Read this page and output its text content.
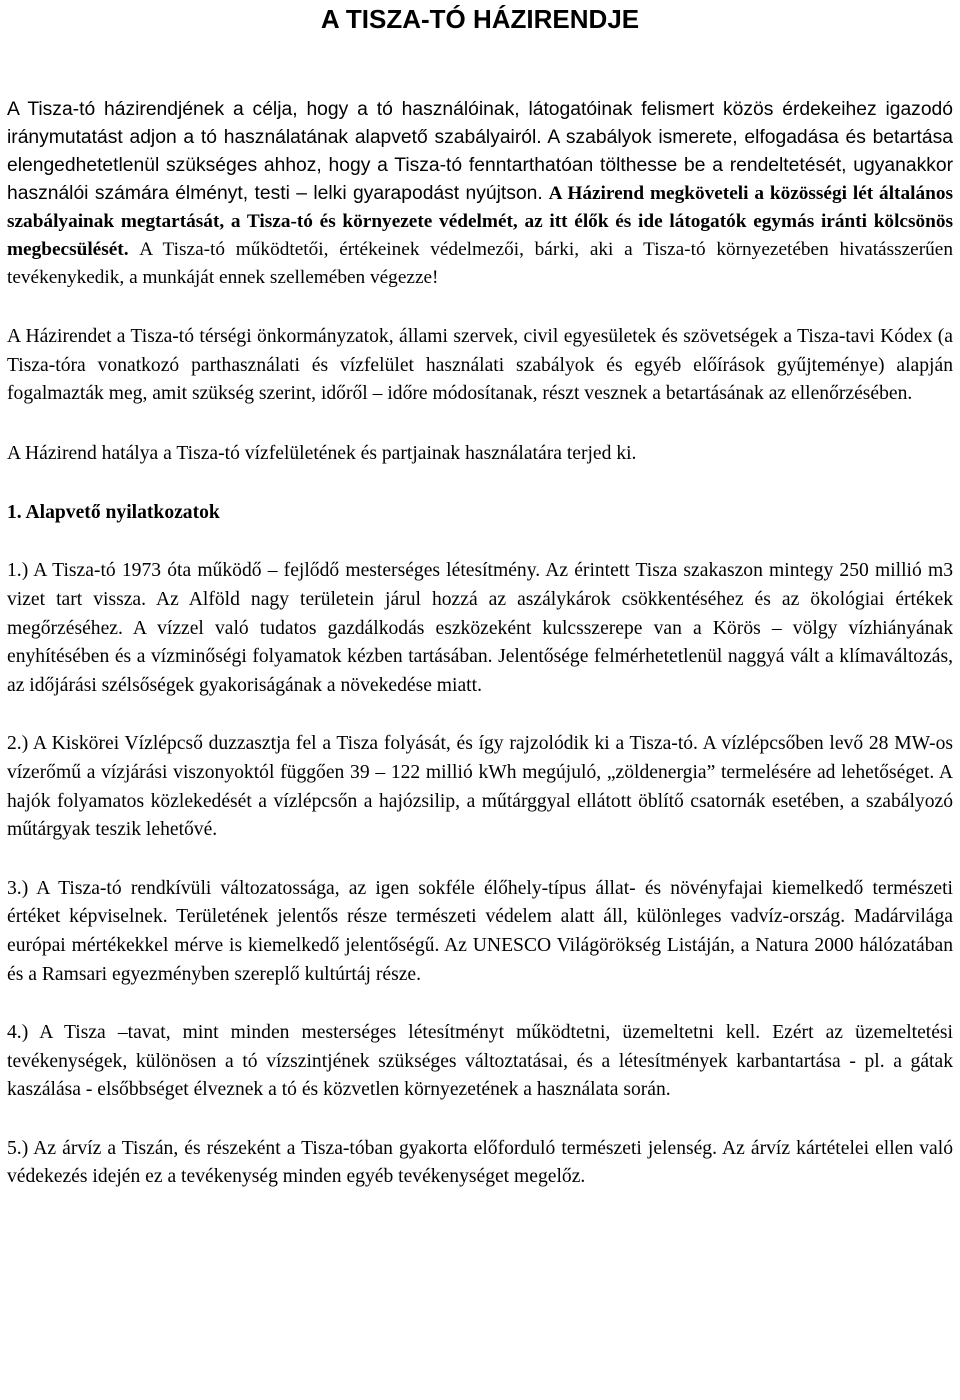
A TISZA-TÓ HÁZIRENDJE

A Tisza-tó házirendjének a célja, hogy a tó használóinak, látogatóinak felismert közös érdekeihez igazodó iránymutatást adjon a tó használatának alapvető szabályairól. A szabályok ismerete, elfogadása és betartása elengedhetetlenül szükséges ahhoz, hogy a Tisza-tó fenntarthatóan tölthesse be a rendeltetését, ugyanakkor használói számára élményt, testi – lelki gyarapodást nyújtson. A Házirend megköveteli a közösségi lét általános szabályainak megtartását, a Tisza-tó és környezete védelmét, az itt élők és ide látogatók egymás iránti kölcsönös megbecsülését. A Tisza-tó működtetői, értékeinek védelmezői, bárki, aki a Tisza-tó környezetében hivatásszerűen tevékenykedik, a munkáját ennek szellemében végezze!

A Házirendet a Tisza-tó térségi önkormányzatok, állami szervek, civil egyesületek és szövetségek a Tisza-tavi Kódex (a Tisza-tóra vonatkozó parthasználati és vízfelület használati szabályok és egyéb előírások gyűjteménye) alapján fogalmazták meg, amit szükség szerint, időről – időre módosítanak, részt vesznek a betartásának az ellenőrzésében.

A Házirend hatálya a Tisza-tó vízfelületének és partjainak használatára terjed ki.

1. Alapvető nyilatkozatok

1.) A Tisza-tó 1973 óta működő – fejlődő mesterséges létesítmény. Az érintett Tisza szakaszon mintegy 250 millió m3 vizet tart vissza. Az Alföld nagy területein járul hozzá az aszálykárok csökkentéséhez és az ökológiai értékek megőrzéséhez. A vízzel való tudatos gazdálkodás eszközeként kulcsszerepe van a Körös – völgy vízhiányának enyhítésében és a vízminőségi folyamatok kézben tartásában. Jelentősége felmérhetetlenül naggyá vált a klímaváltozás, az időjárási szélsőségek gyakoriságának a növekedése miatt.

2.) A Kiskörei Vízlépcső duzzasztja fel a Tisza folyását, és így rajzolódik ki a Tisza-tó. A vízlépcsőben levő 28 MW-os vízerőmű a vízjárási viszonyoktól függően 39 – 122 millió kWh megújuló, „zöldenergia” termelésére ad lehetőséget. A hajók folyamatos közlekedését a vízlépcsőn a hajózsilip, a műtárggyal ellátott öblítő csatornák esetében, a szabályozó műtárgyak teszik lehetővé.

3.) A Tisza-tó rendkívüli változatossága, az igen sokféle élőhely-típus állat- és növényfajai kiemelkedő természeti értéket képviselnek. Területének jelentős része természeti védelem alatt áll, különleges vadvíz-ország. Madárvilága európai mértékekkel mérve is kiemelkedő jelentőségű. Az UNESCO Világörökség Listáján, a Natura 2000 hálózatában és a Ramsari egyezményben szereplő kultúrtáj része.

4.) A Tisza –tavat, mint minden mesterséges létesítményt működtetni, üzemeltetni kell. Ezért az üzemeltetési tevékenységek, különösen a tó vízszintjének szükséges változtatásai, és a létesítmények karbantartása - pl. a gátak kaszálása - elsőbbséget élveznek a tó és közvetlen környezetének a használata során.

5.) Az árvíz a Tiszán, és részeként a Tisza-tóban gyakorta előforduló természeti jelenség. Az árvíz kártételei ellen való védekezés idején ez a tevékenység minden egyéb tevékenységet megelőz.
